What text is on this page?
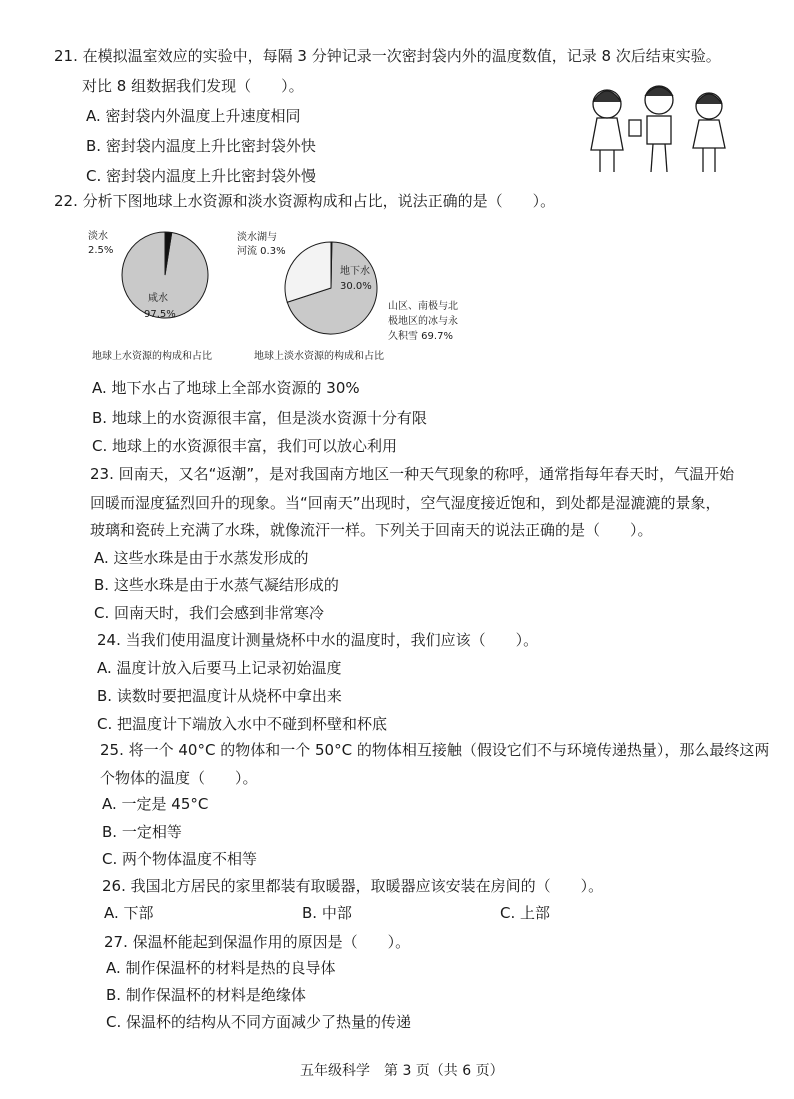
21. 在模拟温室效应的实验中，每隔 3 分钟记录一次密封袋内外的温度数值，记录 8 次后结束实验。
对比 8 组数据我们发现（　　）。
A. 密封袋内外温度上升速度相同
B. 密封袋内温度上升比密封袋外快
C. 密封袋内温度上升比密封袋外慢
22. 分析下图地球上水资源和淡水资源构成和占比，说法正确的是（　　）。
淡水
2.5%
咸水
97.5%
地球上水资源的构成和占比
淡水湖与
河流 0.3%
地下水
30.0%
山区、南极与北
极地区的冰与永
久积雪 69.7%
地球上淡水资源的构成和占比
A. 地下水占了地球上全部水资源的 30%
B. 地球上的水资源很丰富，但是淡水资源十分有限
C. 地球上的水资源很丰富，我们可以放心利用
23. 回南天，又名“返潮”，是对我国南方地区一种天气现象的称呼，通常指每年春天时，气温开始
回暖而湿度猛烈回升的现象。当“回南天”出现时，空气湿度接近饱和，到处都是湿漉漉的景象，
玻璃和瓷砖上充满了水珠，就像流汗一样。下列关于回南天的说法正确的是（　　）。
A. 这些水珠是由于水蒸发形成的
B. 这些水珠是由于水蒸气凝结形成的
C. 回南天时，我们会感到非常寒冷
24. 当我们使用温度计测量烧杯中水的温度时，我们应该（　　）。
A. 温度计放入后要马上记录初始温度
B. 读数时要把温度计从烧杯中拿出来
C. 把温度计下端放入水中不碰到杯壁和杯底
25. 将一个 40°C 的物体和一个 50°C 的物体相互接触（假设它们不与环境传递热量），那么最终这两
个物体的温度（　　）。
A. 一定是 45°C
B. 一定相等
C. 两个物体温度不相等
26. 我国北方居民的家里都装有取暖器，取暖器应该安装在房间的（　　）。
A. 下部	B. 中部	C. 上部
27. 保温杯能起到保温作用的原因是（　　）。
A. 制作保温杯的材料是热的良导体
B. 制作保温杯的材料是绝缘体
C. 保温杯的结构从不同方面减少了热量的传递
五年级科学　第 3 页（共 6 页）
